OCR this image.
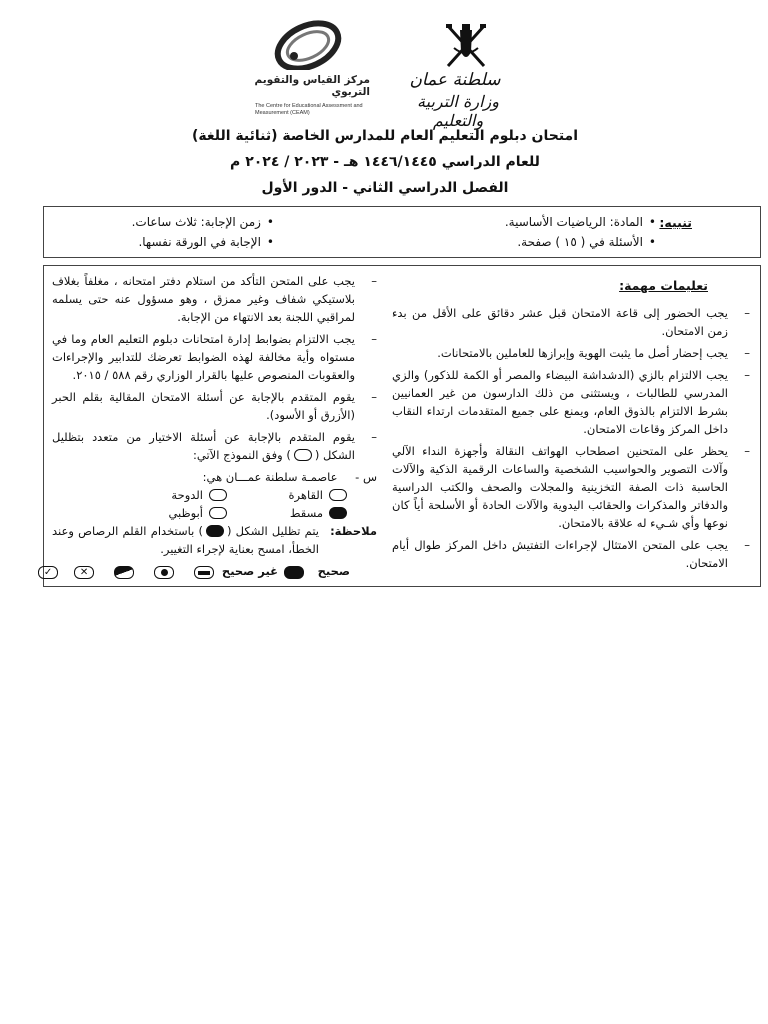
مركز القياس والتقويم التربوي
The Centre for Educational Assessment and Measurement (CEAM)
سلطنة عمان
وزارة التربية والتعليم
امتحان دبلوم التعليم العام للمدارس الخاصة (ثنائية اللغة)
للعام الدراسي ١٤٤٦/١٤٤٥ هـ - ٢٠٢٣ / ٢٠٢٤ م
الفصل الدراسي الثاني - الدور الأول
تنبيه:
•المادة: الرياضيات الأساسية.
•الأسئلة في ( ١٥ ) صفحة.
•زمن الإجابة: ثلاث ساعات.
•الإجابة في الورقة نفسها.
تعليمات مهمة:
–
يجب الحضور إلى قاعة الامتحان قبل عشر دقائق على الأقل من بدء زمن الامتحان.
–
يجب إحضار أصل ما يثبت الهوية وإبرازها للعاملين بالامتحانات.
–
يجب الالتزام بالزي (الدشداشة البيضاء والمصر أو الكمة للذكور) والزي المدرسي للطالبات ، ويستثنى من ذلك الدارسون من غير العمانيين بشرط الالتزام بالذوق العام، ويمنع على جميع المتقدمات ارتداء النقاب داخل المركز وقاعات الامتحان.
–
يحظر على المتحنين اصطحاب الهواتف النقالة وأجهزة النداء الآلي وآلات التصوير والحواسيب الشخصية والساعات الرقمية الذكية والآلات الحاسبة ذات الصفة التخزينية والمجلات والصحف والكتب الدراسية والدفاتر والمذكرات والحقائب اليدوية والآلات الحادة أو الأسلحة أياً كان نوعها وأي شـيء له علاقة بالامتحان.
–
يجب على المتحن الامتثال لإجراءات التفتيش داخل المركز طوال أيام الامتحان.
–
يجب على المتحن التأكد من استلام دفتر امتحانه ، مغلفاً بغلاف بلاستيكي شفاف وغير ممزق ، وهو مسؤول عنه حتى يسلمه لمراقبي اللجنة بعد الانتهاء من الإجابة.
–
يجب الالتزام بضوابط إدارة امتحانات دبلوم التعليم العام وما في مستواه وأية مخالفة لهذه الضوابط تعرضك للتدابير والإجراءات والعقوبات المنصوص عليها بالقرار الوزاري رقم ٥٨٨ / ٢٠١٥.
–
يقوم المتقدم بالإجابة عن أسئلة الامتحان المقالية بقلم الحبر (الأزرق أو الأسود).
–
يقوم المتقدم بالإجابة عن أسئلة الاختيار من متعدد بتظليل الشكل () وفق النموذج الآتي:
س - عاصمـة سلطنة عمـــان هي:
القاهرة
الدوحة
مسقط
أبوظبي
ملاحظة:
يتم تظليل الشكل () باستخدام القلم الرصاص وعند الخطأ، امسح بعناية لإجراء التغيير.
صحيح
غير صحيح
✕
✓
